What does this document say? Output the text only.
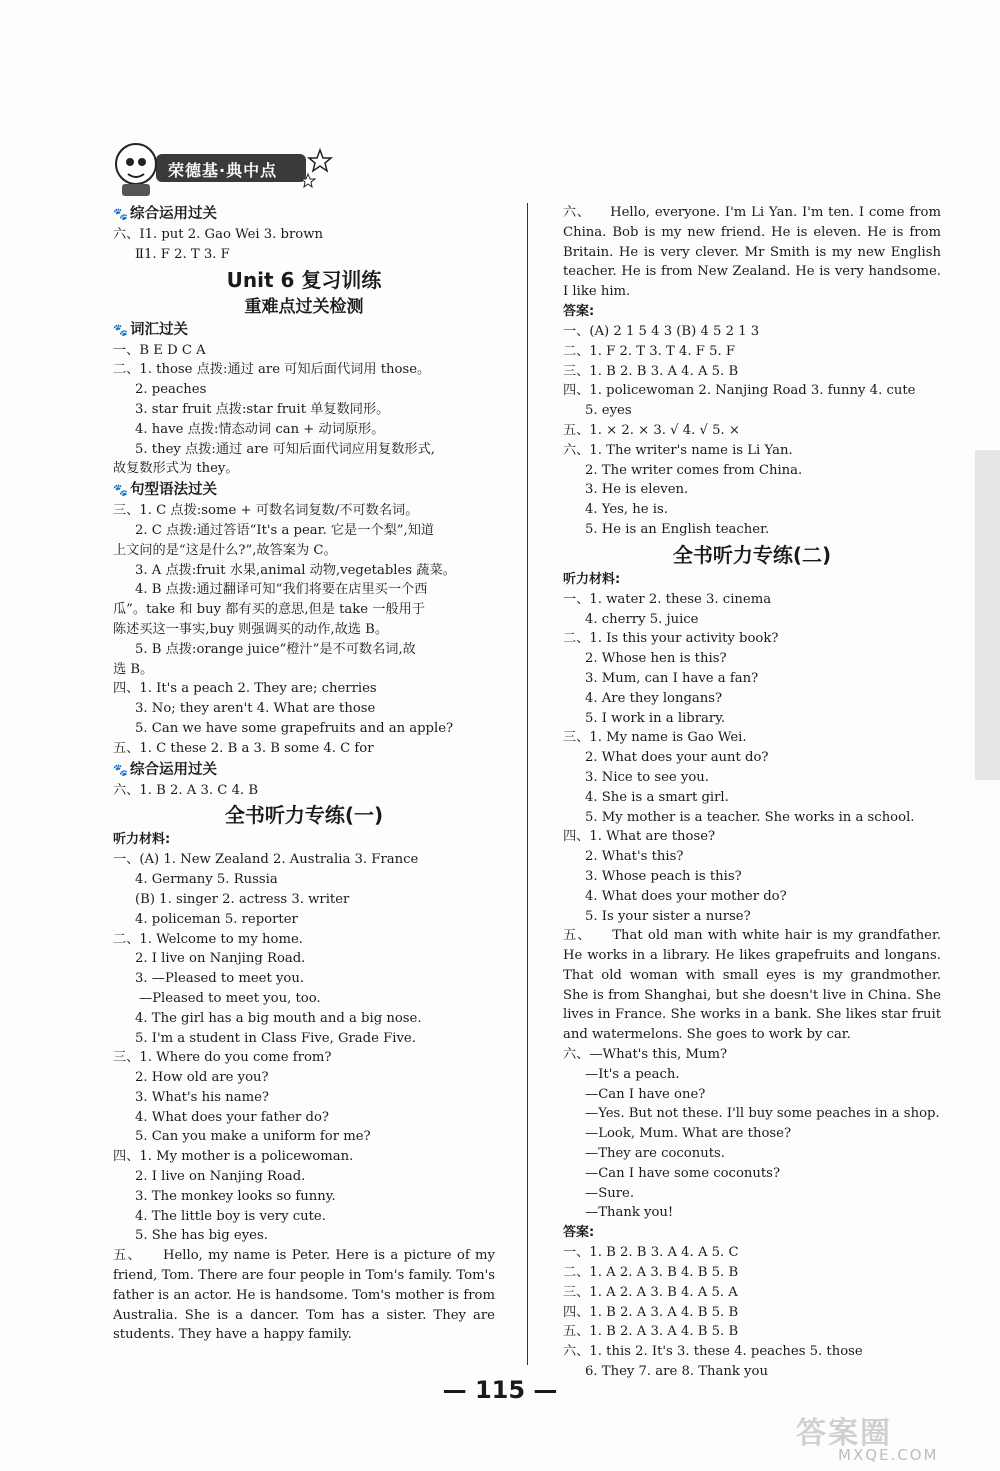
荣德基·典中点
🐾 综合运用过关
六、Ⅰ1. put 2. Gao Wei 3. brown
Ⅱ1. F 2. T 3. F
Unit 6 复习训练
重难点过关检测
🐾 词汇过关
一、B E D C A
二、1. those 点拨:通过 are 可知后面代词用 those。
2. peaches
3. star fruit 点拨:star fruit 单复数同形。
4. have 点拨:情态动词 can + 动词原形。
5. they 点拨:通过 are 可知后面代词应用复数形式,
故复数形式为 they。
🐾 句型语法过关
三、1. C 点拨:some + 可数名词复数/不可数名词。
2. C 点拨:通过答语“It's a pear. 它是一个梨”,知道
上文问的是“这是什么?”,故答案为 C。
3. A 点拨:fruit 水果,animal 动物,vegetables 蔬菜。
4. B 点拨:通过翻译可知“我们将要在店里买一个西
瓜”。take 和 buy 都有买的意思,但是 take 一般用于
陈述买这一事实,buy 则强调买的动作,故选 B。
5. B 点拨:orange juice“橙汁”是不可数名词,故
选 B。
四、1. It's a peach 2. They are; cherries
3. No; they aren't 4. What are those
5. Can we have some grapefruits and an apple?
五、1. C these 2. B a 3. B some 4. C for
🐾 综合运用过关
六、1. B 2. A 3. C 4. B
全书听力专练(一)
听力材料:
一、(A) 1. New Zealand 2. Australia 3. France
4. Germany 5. Russia
(B) 1. singer 2. actress 3. writer
4. policeman 5. reporter
二、1. Welcome to my home.
2. I live on Nanjing Road.
3. —Pleased to meet you.
—Pleased to meet you, too.
4. The girl has a big mouth and a big nose.
5. I'm a student in Class Five, Grade Five.
三、1. Where do you come from?
2. How old are you?
3. What's his name?
4. What does your father do?
5. Can you make a uniform for me?
四、1. My mother is a policewoman.
2. I live on Nanjing Road.
3. The monkey looks so funny.
4. The little boy is very cute.
5. She has big eyes.
五、 Hello, my name is Peter. Here is a picture of my friend, Tom. There are four people in Tom's family. Tom's father is an actor. He is handsome. Tom's mother is from Australia. She is a dancer. Tom has a sister. They are students. They have a happy family.
六、 Hello, everyone. I'm Li Yan. I'm ten. I come from China. Bob is my new friend. He is eleven. He is from Britain. He is very clever. Mr Smith is my new English teacher. He is from New Zealand. He is very handsome. I like him.
答案:
一、(A) 2 1 5 4 3 (B) 4 5 2 1 3
二、1. F 2. T 3. T 4. F 5. F
三、1. B 2. B 3. A 4. A 5. B
四、1. policewoman 2. Nanjing Road 3. funny 4. cute
5. eyes
五、1. × 2. × 3. √ 4. √ 5. ×
六、1. The writer's name is Li Yan.
2. The writer comes from China.
3. He is eleven.
4. Yes, he is.
5. He is an English teacher.
全书听力专练(二)
听力材料:
一、1. water 2. these 3. cinema
4. cherry 5. juice
二、1. Is this your activity book?
2. Whose hen is this?
3. Mum, can I have a fan?
4. Are they longans?
5. I work in a library.
三、1. My name is Gao Wei.
2. What does your aunt do?
3. Nice to see you.
4. She is a smart girl.
5. My mother is a teacher. She works in a school.
四、1. What are those?
2. What's this?
3. Whose peach is this?
4. What does your mother do?
5. Is your sister a nurse?
五、 That old man with white hair is my grandfather. He works in a library. He likes grapefruits and longans. That old woman with small eyes is my grandmother. She is from Shanghai, but she doesn't live in China. She lives in France. She works in a bank. She likes star fruit and watermelons. She goes to work by car.
六、—What's this, Mum?
—It's a peach.
—Can I have one?
—Yes. But not these. I'll buy some peaches in a shop.
—Look, Mum. What are those?
—They are coconuts.
—Can I have some coconuts?
—Sure.
—Thank you!
答案:
一、1. B 2. B 3. A 4. A 5. C
二、1. A 2. A 3. B 4. B 5. B
三、1. A 2. A 3. B 4. A 5. A
四、1. B 2. A 3. A 4. B 5. B
五、1. B 2. A 3. A 4. B 5. B
六、1. this 2. It's 3. these 4. peaches 5. those
6. They 7. are 8. Thank you
— 115 —
答案圈
MXQE.COM
